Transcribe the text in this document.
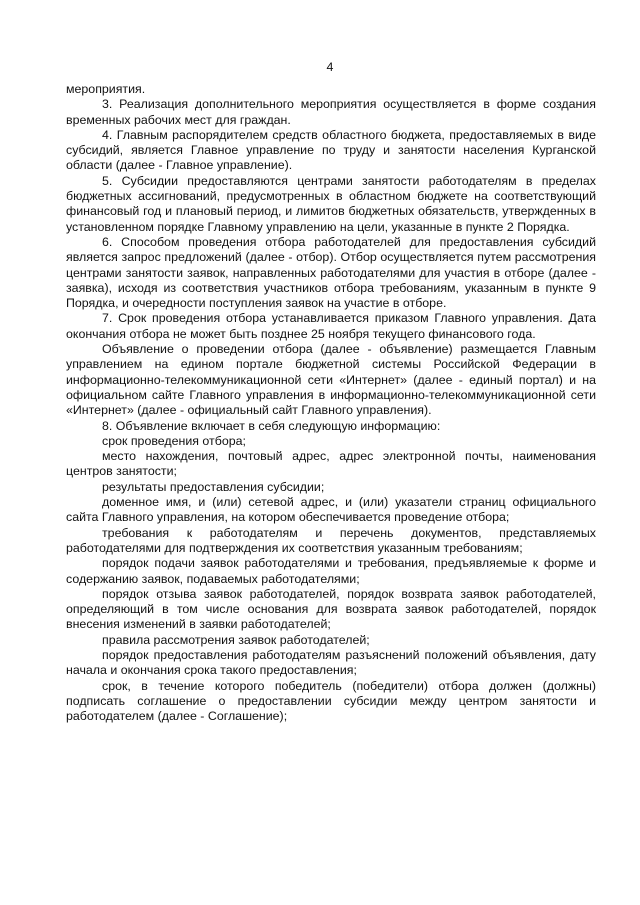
4

мероприятия.

3. Реализация дополнительного мероприятия осуществляется в форме создания временных рабочих мест для граждан.

4. Главным распорядителем средств областного бюджета, предоставляемых в виде субсидий, является Главное управление по труду и занятости населения Курганской области (далее - Главное управление).

5. Субсидии предоставляются центрами занятости работодателям в пределах бюджетных ассигнований, предусмотренных в областном бюджете на соответствующий финансовый год и плановый период, и лимитов бюджетных обязательств, утвержденных в установленном порядке Главному управлению на цели, указанные в пункте 2 Порядка.

6. Способом проведения отбора работодателей для предоставления субсидий является запрос предложений (далее - отбор). Отбор осуществляется путем рассмотрения центрами занятости заявок, направленных работодателями для участия в отборе (далее - заявка), исходя из соответствия участников отбора требованиям, указанным в пункте 9 Порядка, и очередности поступления заявок на участие в отборе.

7. Срок проведения отбора устанавливается приказом Главного управления. Дата окончания отбора не может быть позднее 25 ноября текущего финансового года.

Объявление о проведении отбора (далее - объявление) размещается Главным управлением на едином портале бюджетной системы Российской Федерации в информационно-телекоммуникационной сети «Интернет» (далее - единый портал) и на официальном сайте Главного управления в информационно-телекоммуникационной сети «Интернет» (далее - официальный сайт Главного управления).

8. Объявление включает в себя следующую информацию:

срок проведения отбора;

место нахождения, почтовый адрес, адрес электронной почты, наименования центров занятости;

результаты предоставления субсидии;

доменное имя, и (или) сетевой адрес, и (или) указатели страниц официального сайта Главного управления, на котором обеспечивается проведение отбора;

требования к работодателям и перечень документов, представляемых работодателями для подтверждения их соответствия указанным требованиям;

порядок подачи заявок работодателями и требования, предъявляемые к форме и содержанию заявок, подаваемых работодателями;

порядок отзыва заявок работодателей, порядок возврата заявок работодателей, определяющий в том числе основания для возврата заявок работодателей, порядок внесения изменений в заявки работодателей;

правила рассмотрения заявок работодателей;

порядок предоставления работодателям разъяснений положений объявления, дату начала и окончания срока такого предоставления;

срок, в течение которого победитель (победители) отбора должен (должны) подписать соглашение о предоставлении субсидии между центром занятости и работодателем (далее - Соглашение);
